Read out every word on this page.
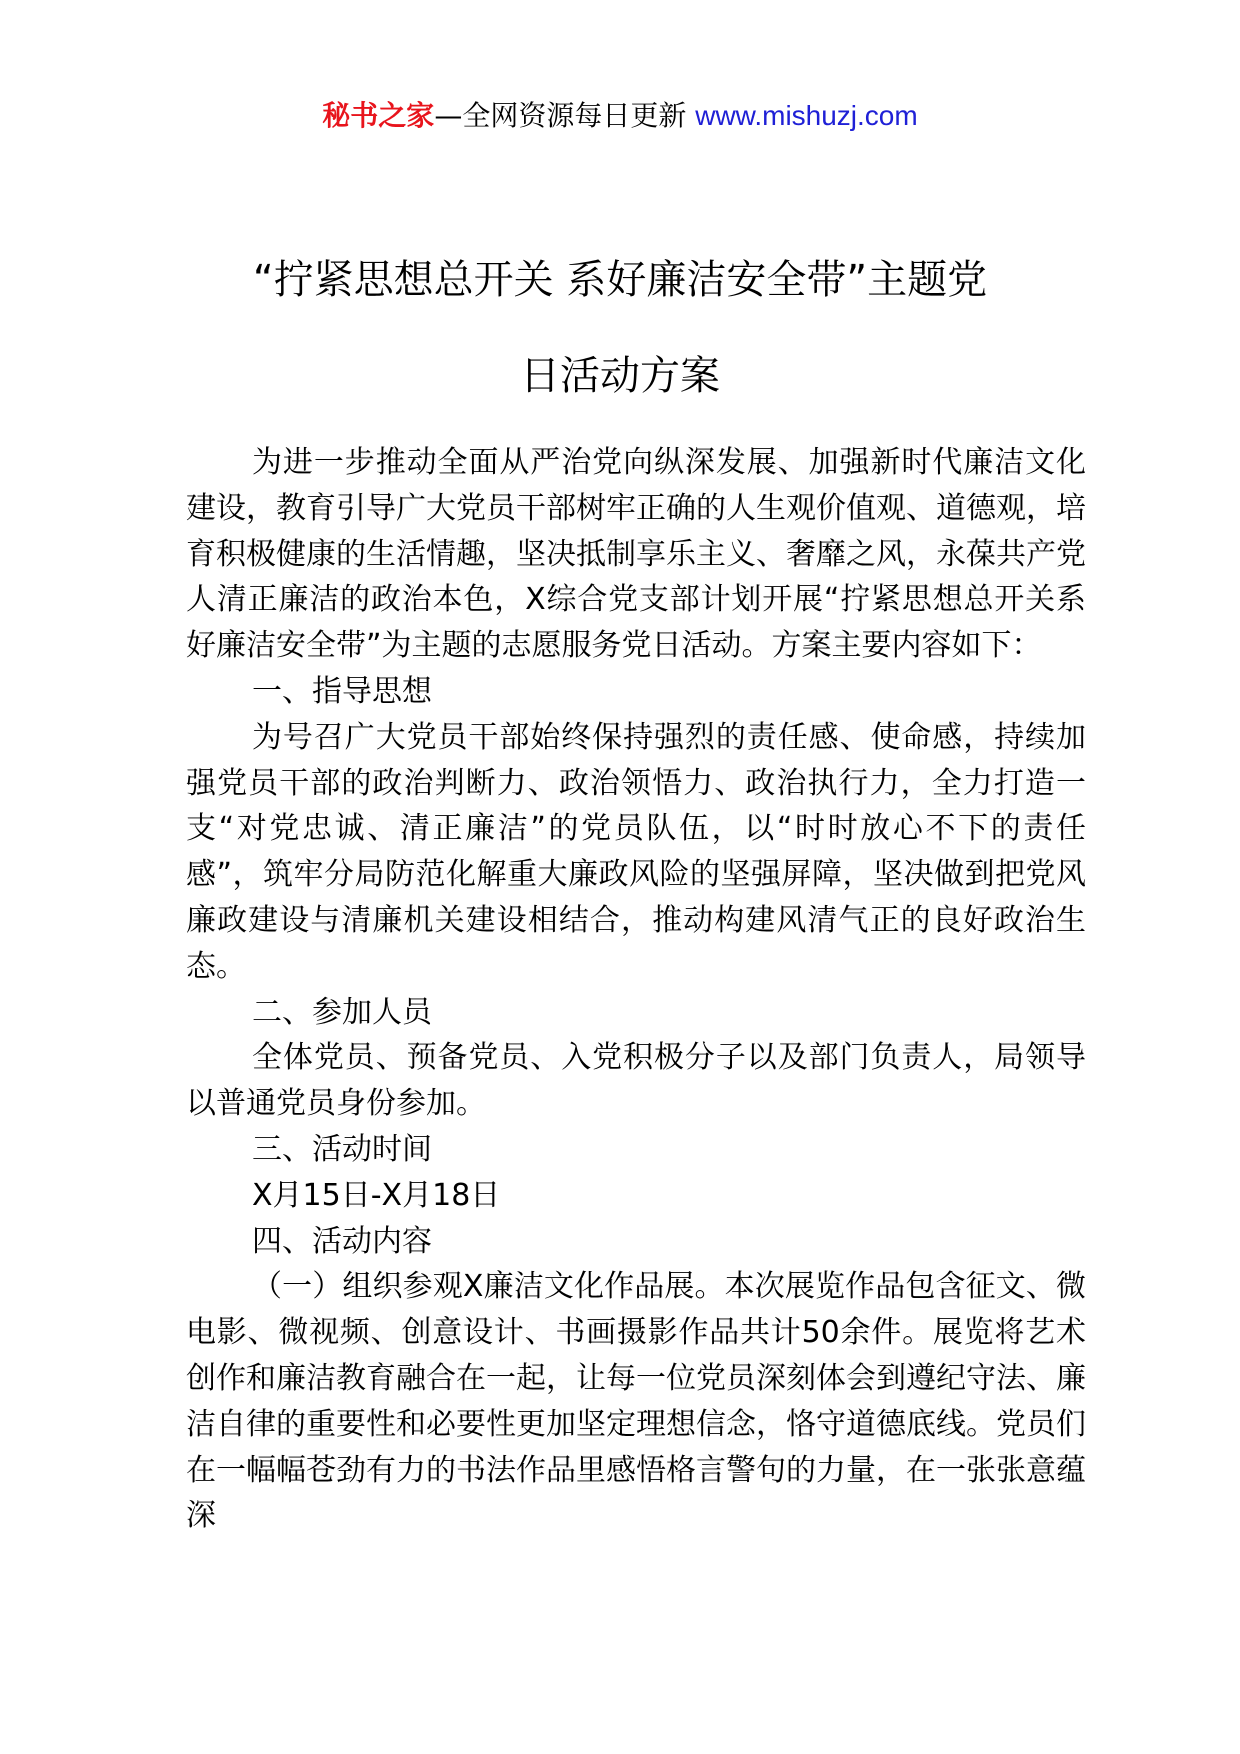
秘书之家—全网资源每日更新 www.mishuzj.com
“拧紧思想总开关 系好廉洁安全带”主题党
日活动方案

为进一步推动全面从严治党向纵深发展、加强新时代廉洁文化建设，教育引导广大党员干部树牢正确的人生观价值观、道德观，培育积极健康的生活情趣，坚决抵制享乐主义、奢靡之风，永葆共产党人清正廉洁的政治本色，X综合党支部计划开展“拧紧思想总开关系好廉洁安全带”为主题的志愿服务党日活动。方案主要内容如下：

一、指导思想

为号召广大党员干部始终保持强烈的责任感、使命感，持续加强党员干部的政治判断力、政治领悟力、政治执行力，全力打造一支“对党忠诚、清正廉洁”的党员队伍，以“时时放心不下的责任感”，筑牢分局防范化解重大廉政风险的坚强屏障，坚决做到把党风廉政建设与清廉机关建设相结合，推动构建风清气正的良好政治生态。

二、参加人员

全体党员、预备党员、入党积极分子以及部门负责人，局领导以普通党员身份参加。

三、活动时间

X月15日-X月18日

四、活动内容

（一）组织参观X廉洁文化作品展。本次展览作品包含征文、微电影、微视频、创意设计、书画摄影作品共计50余件。展览将艺术创作和廉洁教育融合在一起，让每一位党员深刻体会到遵纪守法、廉洁自律的重要性和必要性更加坚定理想信念，恪守道德底线。党员们在一幅幅苍劲有力的书法作品里感悟格言警句的力量，在一张张意蕴深
